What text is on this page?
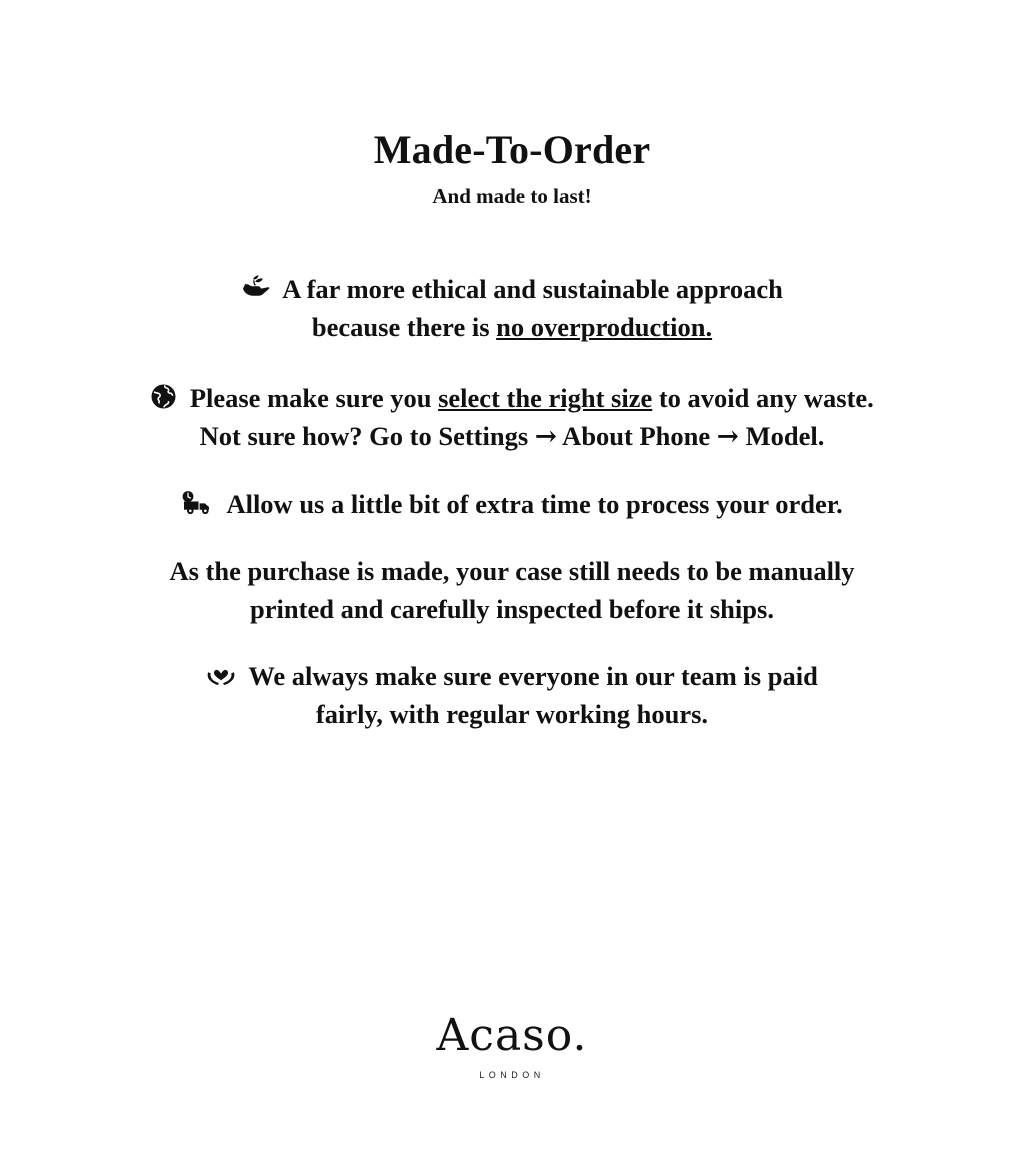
Made-To-Order

And made to last!

A far more ethical and sustainable approach
because there is no overproduction.
Please make sure you select the right size to avoid any waste.
Not sure how? Go to Settings → About Phone → Model.
Allow us a little bit of extra time to process your order.
As the purchase is made, your case still needs to be manually
printed and carefully inspected before it ships.
We always make sure everyone in our team is paid
fairly, with regular working hours.
Acaso.
LONDON
